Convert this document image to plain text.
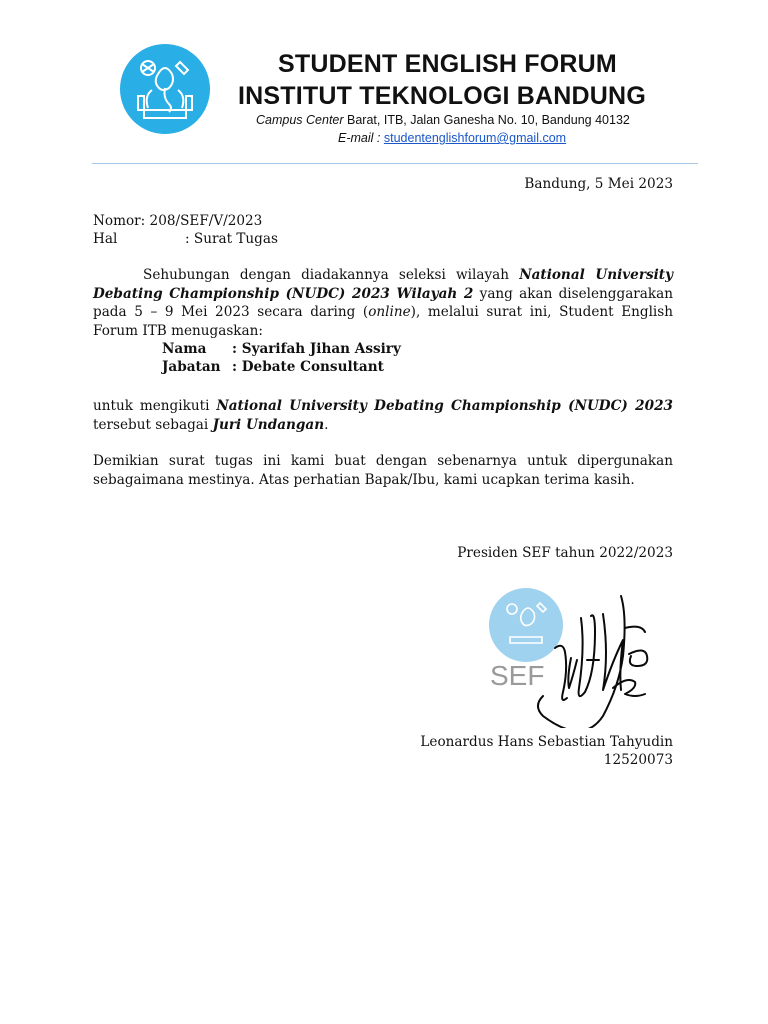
STUDENT ENGLISH FORUM
INSTITUT TEKNOLOGI BANDUNG
Campus Center Barat, ITB, Jalan Ganesha No. 10, Bandung 40132
E-mail : studentenglishforum@gmail.com
Bandung, 5 Mei 2023
Nomor: 208/SEF/V/2023
Hal	: Surat Tugas
Sehubungan dengan diadakannya seleksi wilayah National University Debating Championship (NUDC) 2023 Wilayah 2 yang akan diselenggarakan pada 5 – 9 Mei 2023 secara daring (online), melalui surat ini, Student English Forum ITB menugaskan:
Nama : Syarifah Jihan Assiry
Jabatan : Debate Consultant
untuk mengikuti National University Debating Championship (NUDC) 2023 tersebut sebagai Juri Undangan.
Demikian surat tugas ini kami buat dengan sebenarnya untuk dipergunakan sebagaimana mestinya. Atas perhatian Bapak/Ibu, kami ucapkan terima kasih.
Presiden SEF tahun 2022/2023
SEF
Leonardus Hans Sebastian Tahyudin
12520073
